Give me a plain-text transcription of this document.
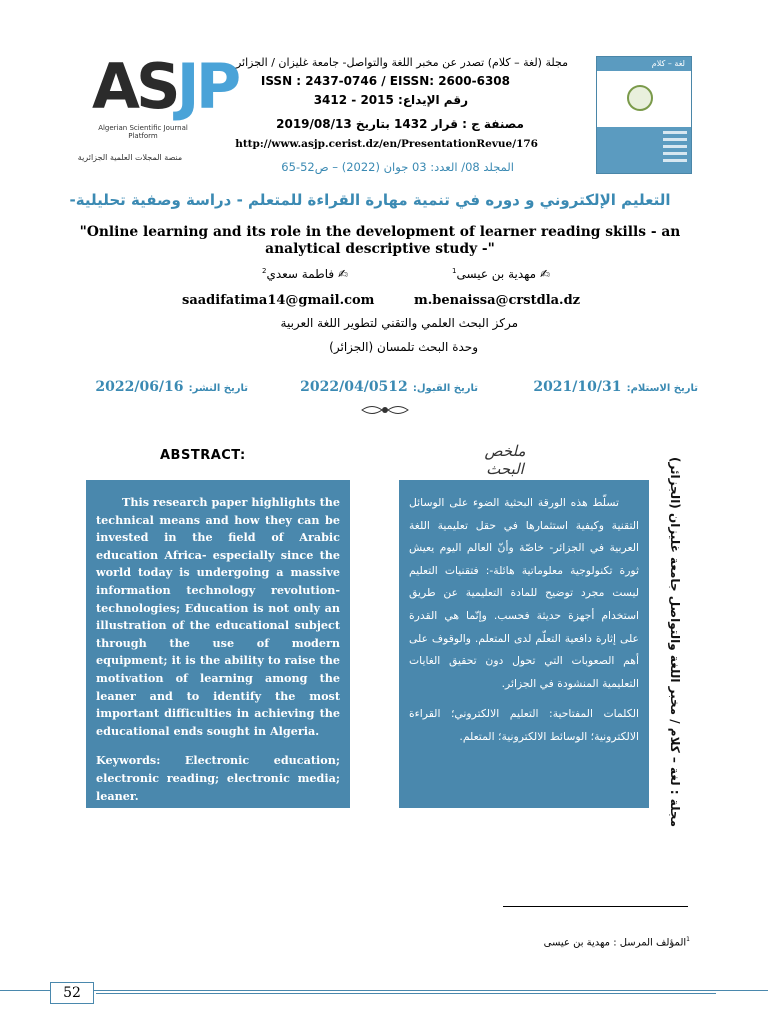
ASJP
Algerian Scientific Journal Platform
منصة المجلات العلمية الجزائرية
لغة – كلام
مجلة (لغة – كلام) تصدر عن مخبر اللغة والتواصل- جامعة غليزان / الجزائر
ISSN : 2437-0746 / EISSN: 2600-6308
رقم الإيداع: 2015 - 3412
مصنفة ج : قرار 1432 بتاريخ 2019/08/13
http://www.asjp.cerist.dz/en/PresentationRevue/176
المجلد 08/ العدد: 03 جوان (2022) – ص52-65
التعليم الإلكتروني و دوره في تنمية مهارة القراءة للمتعلم - دراسة وصفية تحليلية-
"Online learning and its role in the development of learner reading skills - an analytical descriptive study -"
✍ مهدية بن عيسى$^1$
✍ فاطمة سعدي$^2$
m.benaissa@crstdla.dz
saadifatima14@gmail.com
مركز البحث العلمي والتقني لتطوير اللغة العربية
وحدة البحث تلمسان (الجزائر)
تاريخ الاستلام: 2021/10/31
تاريخ القبول: 2022/04/0512
تاريخ النشر: 2022/06/16
ABSTRACT:	ملخص البحث

This research paper highlights the technical means and how they can be invested in the field of Arabic education Africa- especially since the world today is undergoing a massive information technology revolution- technologies; Education is not only an illustration of the educational subject through the use of modern equipment; it is the ability to raise the motivation of learning among the leaner and to identify the most important difficulties in achieving the educational ends sought in Algeria.

Keywords: Electronic education; electronic reading; electronic media; leaner.

تسلّط هذه الورقة البحثية الضوء على الوسائل التقنية وكيفية استثمارها في حقل تعليمية اللغة العربية في الجزائر- خاصّة وأنّ العالم اليوم يعيش ثورة تكنولوجية معلوماتية هائلة-: فتقنيات التعليم ليست مجرد توضيح للمادة التعليمية عن طريق استخدام أجهزة حديثة فحسب. وإنّما هي القدرة على إثارة دافعية التعلّم لدى المتعلم. والوقوف على أهم الصعوبات التي تحول دون تحقيق الغايات التعليمية المنشودة في الجزائر.

الكلمات المفتاحية: التعليم الالكتروني؛ القراءة الالكترونية؛ الوسائط الالكترونية؛ المتعلم. مجلة : لغة – كلام / مخبر اللغة والتواصل جامعة غليزان (الجزائر)
$^1$المؤلف المرسل : مهدية بن عيسى
52
